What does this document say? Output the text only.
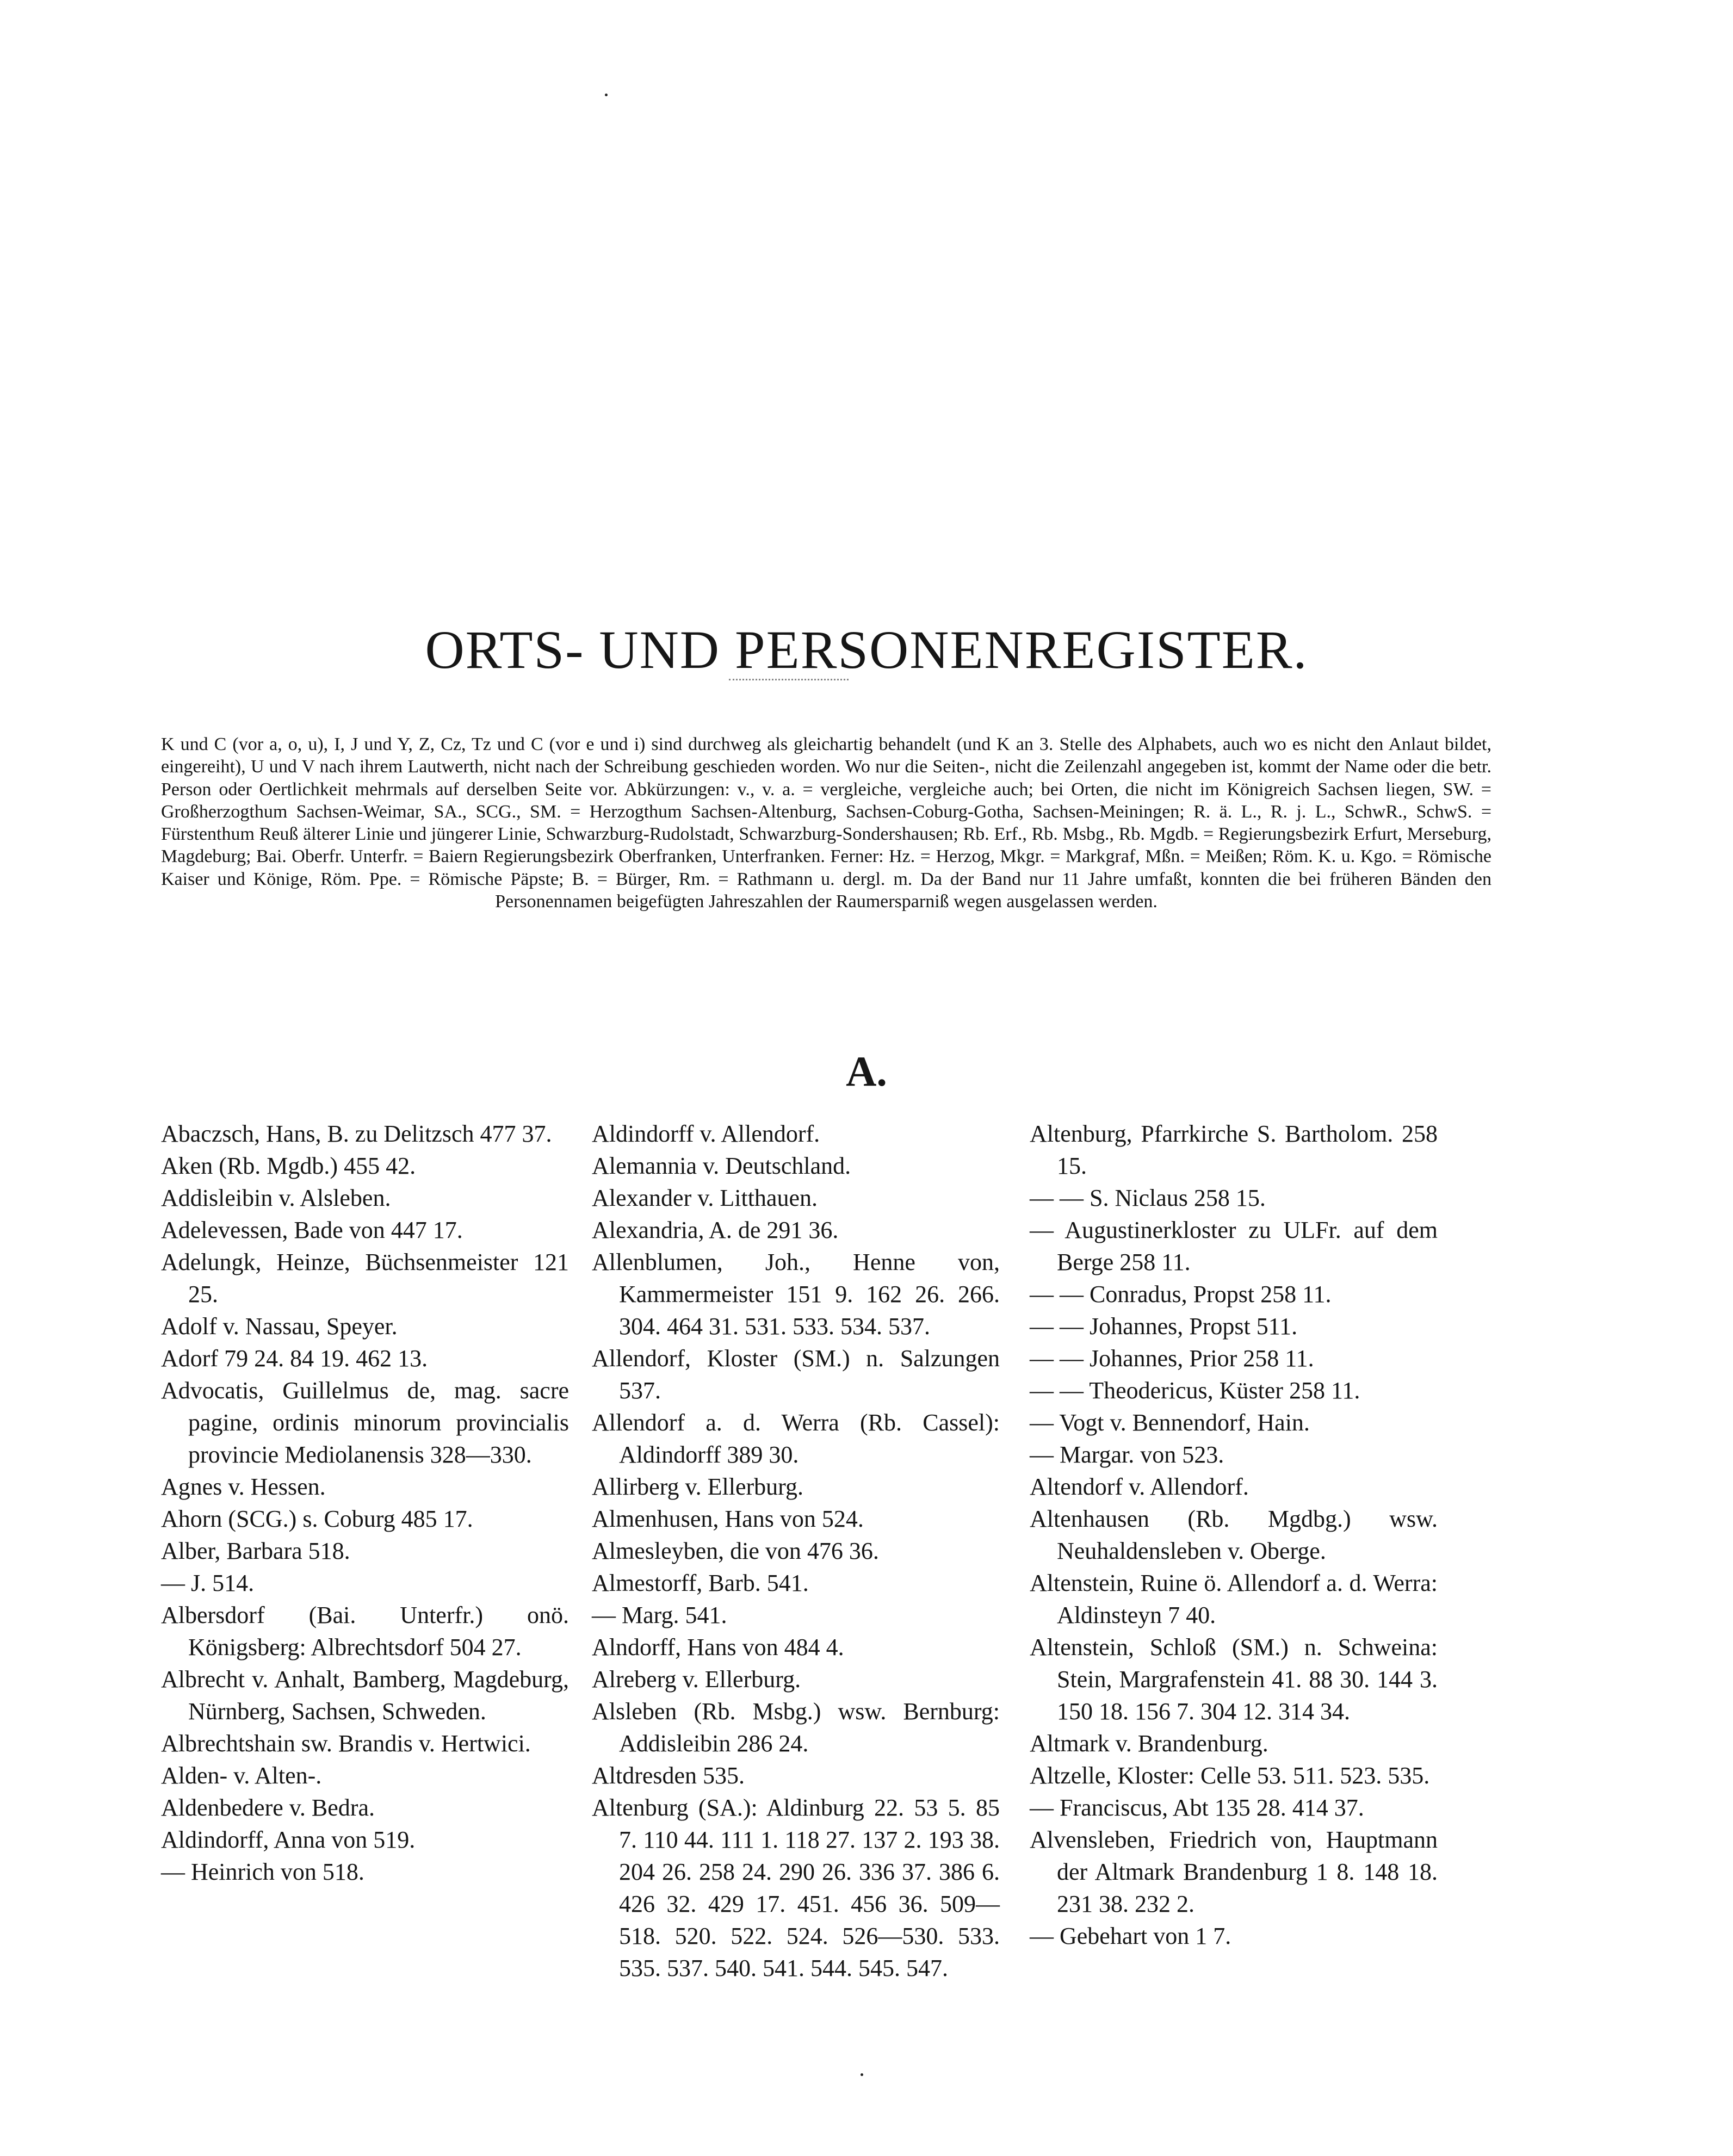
ORTS- UND PERSONENREGISTER.

K und C (vor a, o, u), I, J und Y, Z, Cz, Tz und C (vor e und i) sind durchweg als gleichartig behandelt (und K an 3. Stelle des Alphabets, auch wo es nicht den Anlaut bildet, eingereiht), U und V nach ihrem Lautwerth, nicht nach der Schreibung geschieden worden. Wo nur die Seiten-, nicht die Zeilenzahl angegeben ist, kommt der Name oder die betr. Person oder Oertlichkeit mehrmals auf derselben Seite vor. Abkürzungen: v., v. a. = vergleiche, vergleiche auch; bei Orten, die nicht im Königreich Sachsen liegen, SW. = Großherzogthum Sachsen-Weimar, SA., SCG., SM. = Herzogthum Sachsen-Altenburg, Sachsen-Coburg-Gotha, Sachsen-Meiningen; R. ä. L., R. j. L., SchwR., SchwS. = Fürstenthum Reuß älterer Linie und jüngerer Linie, Schwarzburg-Rudolstadt, Schwarzburg-Sondershausen; Rb. Erf., Rb. Msbg., Rb. Mgdb. = Regierungsbezirk Erfurt, Merseburg, Magdeburg; Bai. Oberfr. Unterfr. = Baiern Regierungsbezirk Oberfranken, Unterfranken. Ferner: Hz. = Herzog, Mkgr. = Markgraf, Mßn. = Meißen; Röm. K. u. Kgo. = Römische Kaiser und Könige, Röm. Ppe. = Römische Päpste; B. = Bürger, Rm. = Rathmann u. dergl. m. Da der Band nur 11 Jahre umfaßt, konnten die bei früheren Bänden den Personennamen beigefügten Jahreszahlen der Raumersparniß wegen ausgelassen werden.

A.

Abaczsch, Hans, B. zu Delitzsch 477 37.

Aken (Rb. Mgdb.) 455 42.

Addisleibin v. Alsleben.

Adelevessen, Bade von 447 17.

Adelungk, Heinze, Büchsenmeister 121 25.

Adolf v. Nassau, Speyer.

Adorf 79 24. 84 19. 462 13.

Advocatis, Guillelmus de, mag. sacre pagine, ordinis minorum provincialis provincie Mediolanensis 328—330.

Agnes v. Hessen.

Ahorn (SCG.) s. Coburg 485 17.

Alber, Barbara 518.

— J. 514.

Albersdorf (Bai. Unterfr.) onö. Königsberg: Albrechtsdorf 504 27.

Albrecht v. Anhalt, Bamberg, Magdeburg, Nürnberg, Sachsen, Schweden.

Albrechtshain sw. Brandis v. Hertwici.

Alden- v. Alten-.

Aldenbedere v. Bedra.

Aldindorff, Anna von 519.

— Heinrich von 518.

Aldindorff v. Allendorf.

Alemannia v. Deutschland.

Alexander v. Litthauen.

Alexandria, A. de 291 36.

Allenblumen, Joh., Henne von, Kammermeister 151 9. 162 26. 266. 304. 464 31. 531. 533. 534. 537.

Allendorf, Kloster (SM.) n. Salzungen 537.

Allendorf a. d. Werra (Rb. Cassel): Aldindorff 389 30.

Allirberg v. Ellerburg.

Almenhusen, Hans von 524.

Almesleyben, die von 476 36.

Almestorff, Barb. 541.

— Marg. 541.

Alndorff, Hans von 484 4.

Alreberg v. Ellerburg.

Alsleben (Rb. Msbg.) wsw. Bernburg: Addisleibin 286 24.

Altdresden 535.

Altenburg (SA.): Aldinburg 22. 53 5. 85 7. 110 44. 111 1. 118 27. 137 2. 193 38. 204 26. 258 24. 290 26. 336 37. 386 6. 426 32. 429 17. 451. 456 36. 509—518. 520. 522. 524. 526—530. 533. 535. 537. 540. 541. 544. 545. 547.

Altenburg, Pfarrkirche S. Bartholom. 258 15.

— — S. Niclaus 258 15.

— Augustinerkloster zu ULFr. auf dem Berge 258 11.

— — Conradus, Propst 258 11.

— — Johannes, Propst 511.

— — Johannes, Prior 258 11.

— — Theodericus, Küster 258 11.

— Vogt v. Bennendorf, Hain.

— Margar. von 523.

Altendorf v. Allendorf.

Altenhausen (Rb. Mgdbg.) wsw. Neuhaldensleben v. Oberge.

Altenstein, Ruine ö. Allendorf a. d. Werra: Aldinsteyn 7 40.

Altenstein, Schloß (SM.) n. Schweina: Stein, Margrafenstein 41. 88 30. 144 3. 150 18. 156 7. 304 12. 314 34.

Altmark v. Brandenburg.

Altzelle, Kloster: Celle 53. 511. 523. 535.

— Franciscus, Abt 135 28. 414 37.

Alvensleben, Friedrich von, Hauptmann der Altmark Brandenburg 1 8. 148 18. 231 38. 232 2.

— Gebehart von 1 7.
